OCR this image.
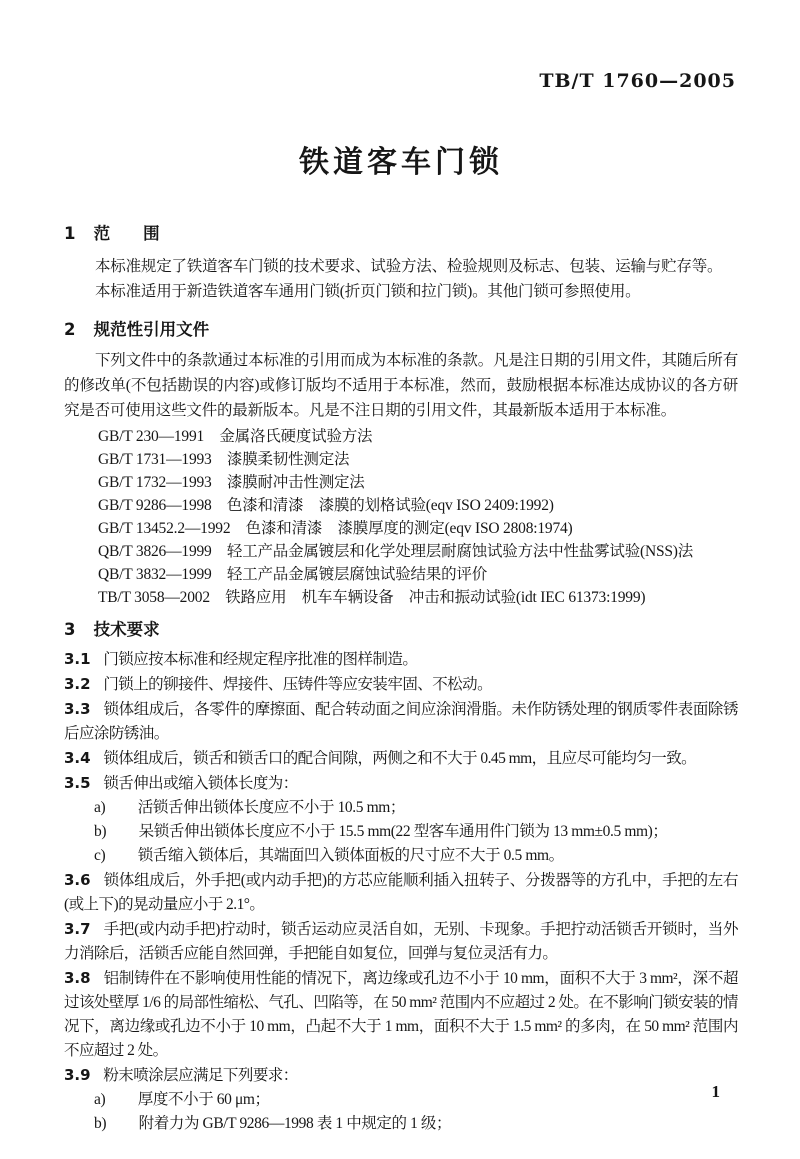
TB/T 1760—2005
铁道客车门锁
1 范　　围

本标准规定了铁道客车门锁的技术要求、试验方法、检验规则及标志、包装、运输与贮存等。

本标准适用于新造铁道客车通用门锁(折页门锁和拉门锁)。其他门锁可参照使用。

2 规范性引用文件

下列文件中的条款通过本标准的引用而成为本标准的条款。凡是注日期的引用文件，其随后所有的修改单(不包括勘误的内容)或修订版均不适用于本标准，然而，鼓励根据本标准达成协议的各方研究是否可使用这些文件的最新版本。凡是不注日期的引用文件，其最新版本适用于本标准。

GB/T 230—1991　金属洛氏硬度试验方法

GB/T 1731—1993　漆膜柔韧性测定法

GB/T 1732—1993　漆膜耐冲击性测定法

GB/T 9286—1998　色漆和清漆　漆膜的划格试验(eqv ISO 2409:1992)

GB/T 13452.2—1992　色漆和清漆　漆膜厚度的测定(eqv ISO 2808:1974)

QB/T 3826—1999　轻工产品金属镀层和化学处理层耐腐蚀试验方法中性盐雾试验(NSS)法

QB/T 3832—1999　轻工产品金属镀层腐蚀试验结果的评价

TB/T 3058—2002　铁路应用　机车车辆设备　冲击和振动试验(idt IEC 61373:1999)

3 技术要求

3.1 门锁应按本标准和经规定程序批准的图样制造。

3.2 门锁上的铆接件、焊接件、压铸件等应安装牢固、不松动。

3.3 锁体组成后，各零件的摩擦面、配合转动面之间应涂润滑脂。未作防锈处理的钢质零件表面除锈后应涂防锈油。

3.4 锁体组成后，锁舌和锁舌口的配合间隙，两侧之和不大于 0.45 mm，且应尽可能均匀一致。

3.5 锁舌伸出或缩入锁体长度为：

a) 活锁舌伸出锁体长度应不小于 10.5 mm；

b) 呆锁舌伸出锁体长度应不小于 15.5 mm(22 型客车通用件门锁为 13 mm±0.5 mm)；

c) 锁舌缩入锁体后，其端面凹入锁体面板的尺寸应不大于 0.5 mm。

3.6 锁体组成后，外手把(或内动手把)的方芯应能顺利插入扭转子、分拨器等的方孔中，手把的左右(或上下)的晃动量应小于 2.1°。

3.7 手把(或内动手把)拧动时，锁舌运动应灵活自如，无别、卡现象。手把拧动活锁舌开锁时，当外力消除后，活锁舌应能自然回弹，手把能自如复位，回弹与复位灵活有力。

3.8 铝制铸件在不影响使用性能的情况下，离边缘或孔边不小于 10 mm，面积不大于 3 mm²，深不超过该处壁厚 1/6 的局部性缩松、气孔、凹陷等，在 50 mm² 范围内不应超过 2 处。在不影响门锁安装的情况下，离边缘或孔边不小于 10 mm，凸起不大于 1 mm，面积不大于 1.5 mm² 的多肉，在 50 mm² 范围内不应超过 2 处。

3.9 粉末喷涂层应满足下列要求：

a) 厚度不小于 60 μm；

b) 附着力为 GB/T 9286—1998 表 1 中规定的 1 级；

1
